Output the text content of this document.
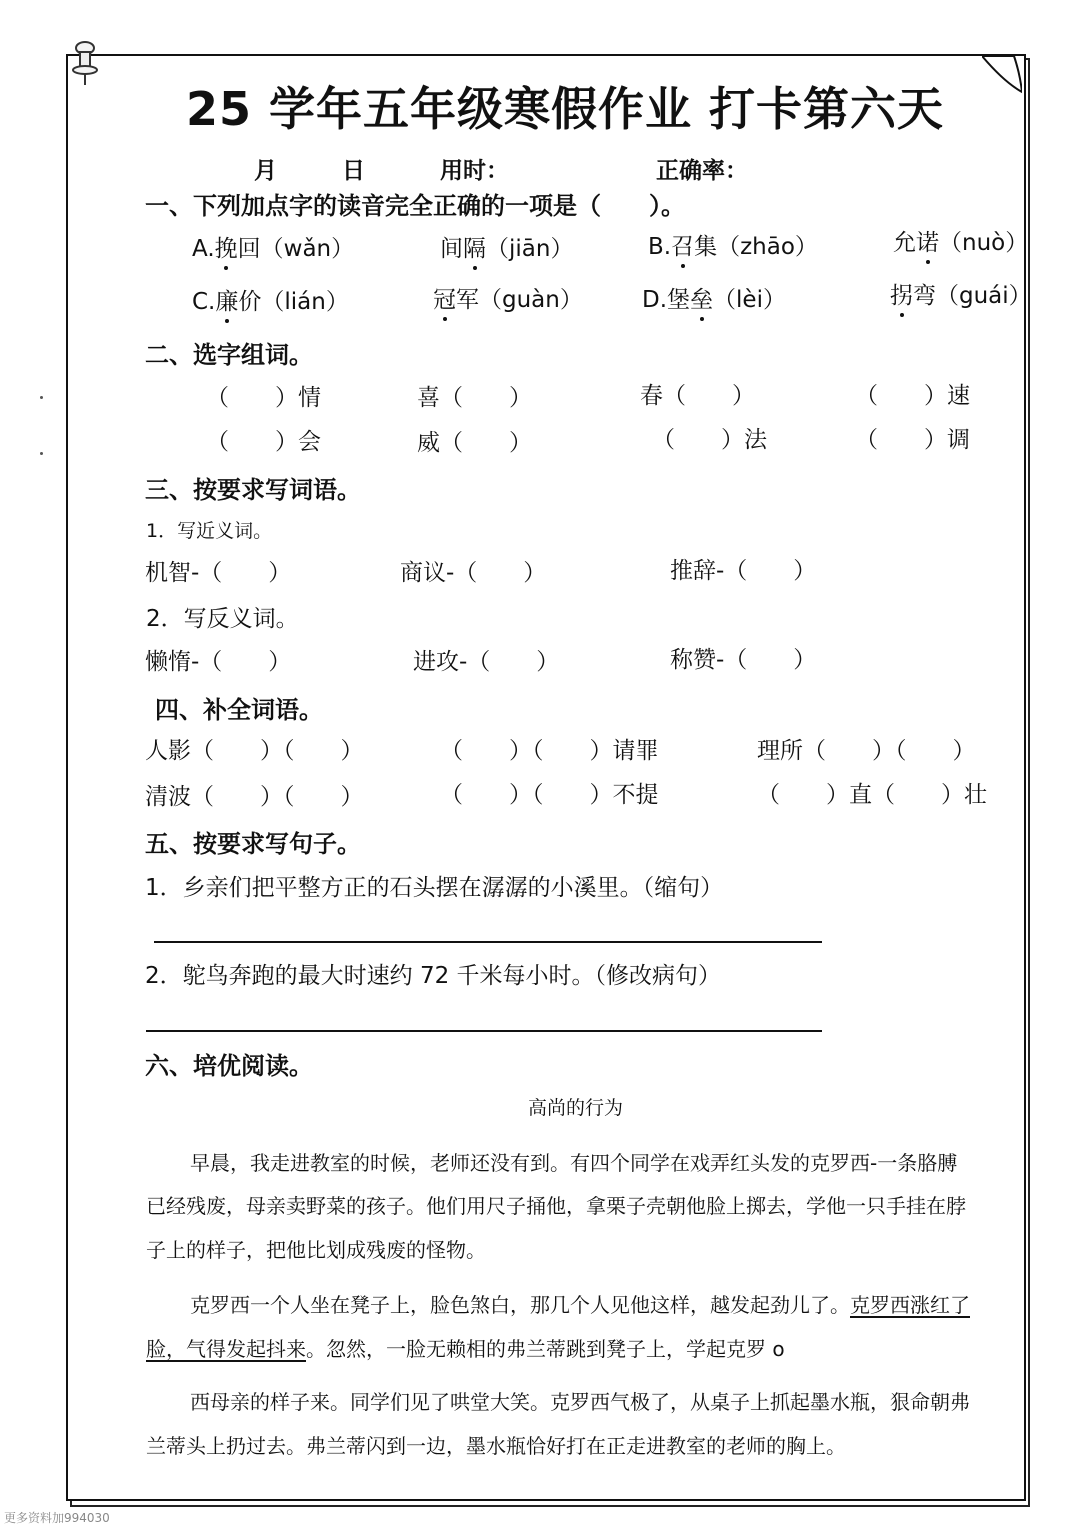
25 学年五年级寒假作业 打卡第六天
月	日	用时：	正确率：
一、下列加点字的读音完全正确的一项是（　　）。
A.挽回（wǎn）	间隔（jiān）	B.召集（zhāo）	允诺（nuò）
C.廉价（lián）	冠军（guàn）	D.堡垒（lèi）	拐弯（guái）
二、选字组词。
（　　）情	喜（　　）	春（　　）	（　　）速
（　　）会	威（　　）	（　　）法	（　　）调
三、按要求写词语。
1．写近义词。
机智-（　　）	商议-（　　）	推辞-（　　）
2．写反义词。
懒惰-（　　）	进攻-（　　）	称赞-（　　）
四、补全词语。
人影（　　）（　　）	（　　）（　　）请罪	理所（　　）（　　）
清波（　　）（　　）	（　　）（　　）不提	（　　）直（　　）壮
五、按要求写句子。
1．乡亲们把平整方正的石头摆在潺潺的小溪里。（缩句）
2．鸵鸟奔跑的最大时速约 72 千米每小时。（修改病句）
六、培优阅读。
高尚的行为
早晨，我走进教室的时候，老师还没有到。有四个同学在戏弄红头发的克罗西-一条胳膊
已经残废，母亲卖野菜的孩子。他们用尺子捅他，拿栗子壳朝他脸上掷去，学他一只手挂在脖
子上的样子，把他比划成残废的怪物。
克罗西一个人坐在凳子上，脸色煞白，那几个人见他这样，越发起劲儿了。克罗西涨红了
脸，气得发起抖来。忽然，一脸无赖相的弗兰蒂跳到凳子上，学起克罗 o
西母亲的样子来。同学们见了哄堂大笑。克罗西气极了，从桌子上抓起墨水瓶，狠命朝弗
兰蒂头上扔过去。弗兰蒂闪到一边，墨水瓶恰好打在正走进教室的老师的胸上。
更多资料加994030
